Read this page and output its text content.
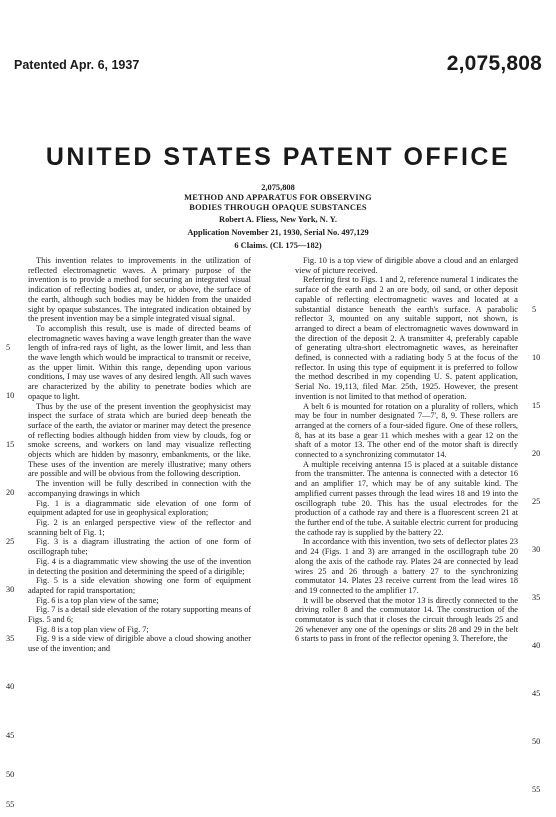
Patented Apr. 6, 1937	2,075,808
UNITED STATES PATENT OFFICE
2,075,808
METHOD AND APPARATUS FOR OBSERVING
BODIES THROUGH OPAQUE SUBSTANCES
Robert A. Fliess, New York, N. Y.
Application November 21, 1930, Serial No. 497,129
6 Claims. (Cl. 175—182)

This invention relates to improvements in the utilization of reflected electromagnetic waves. A primary purpose of the invention is to provide a method for securing an integrated visual indication of reflecting bodies at, under, or above, the surface of the earth, although such bodies may be hidden from the unaided sight by opaque substances. The integrated indication obtained by the present invention may be a simple integrated visual signal.

To accomplish this result, use is made of directed beams of electromagnetic waves having a wave length greater than the wave length of infra-red rays of light, as the lower limit, and less than the wave length which would be impractical to transmit or receive, as the upper limit. Within this range, depending upon various conditions, I may use waves of any desired length. All such waves are characterized by the ability to penetrate bodies which are opaque to light.

Thus by the use of the present invention the geophysicist may inspect the surface of strata which are buried deep beneath the surface of the earth, the aviator or mariner may detect the presence of reflecting bodies although hidden from view by clouds, fog or smoke screens, and workers on land may visualize reflecting objects which are hidden by masonry, embankments, or the like. These uses of the invention are merely illustrative; many others are possible and will be obvious from the following description.

The invention will be fully described in connection with the accompanying drawings in which

Fig. 1 is a diagrammatic side elevation of one form of equipment adapted for use in geophysical exploration;

Fig. 2 is an enlarged perspective view of the reflector and scanning belt of Fig. 1;

Fig. 3 is a diagram illustrating the action of one form of oscillograph tube;

Fig. 4 is a diagrammatic view showing the use of the invention in detecting the position and determining the speed of a dirigible;

Fig. 5 is a side elevation showing one form of equipment adapted for rapid transportation;

Fig. 6 is a top plan view of the same;

Fig. 7 is a detail side elevation of the rotary supporting means of Figs. 5 and 6;

Fig. 8 is a top plan view of Fig. 7;

Fig. 9 is a side view of dirigible above a cloud showing another use of the invention; and

Fig. 10 is a top view of dirigible above a cloud and an enlarged view of picture received.

Referring first to Figs. 1 and 2, reference numeral 1 indicates the surface of the earth and 2 an ore body, oil sand, or other deposit capable of reflecting electromagnetic waves and located at a substantial distance beneath the earth's surface. A parabolic reflector 3, mounted on any suitable support, not shown, is arranged to direct a beam of electromagnetic waves downward in the direction of the deposit 2. A transmitter 4, preferably capable of generating ultra-short electromagnetic waves, as hereinafter defined, is connected with a radiating body 5 at the focus of the reflector. In using this type of equipment it is preferred to follow the method described in my copending U. S. patent application, Serial No. 19,113, filed Mar. 25th, 1925. However, the present invention is not limited to that method of operation.

A belt 6 is mounted for rotation on a plurality of rollers, which may be four in number designated 7—7', 8, 9. These rollers are arranged at the corners of a four-sided figure. One of these rollers, 8, has at its base a gear 11 which meshes with a gear 12 on the shaft of a motor 13. The other end of the motor shaft is directly connected to a synchronizing commutator 14.

A multiple receiving antenna 15 is placed at a suitable distance from the transmitter. The antenna is connected with a detector 16 and an amplifier 17, which may be of any suitable kind. The amplified current passes through the lead wires 18 and 19 into the oscillograph tube 20. This has the usual electrodes for the production of a cathode ray and there is a fluorescent screen 21 at the further end of the tube. A suitable electric current for producing the cathode ray is supplied by the battery 22.

In accordance with this invention, two sets of deflector plates 23 and 24 (Figs. 1 and 3) are arranged in the oscillograph tube 20 along the axis of the cathode ray. Plates 24 are connected by lead wires 25 and 26 through a battery 27 to the synchronizing commutator 14. Plates 23 receive current from the lead wires 18 and 19 connected to the amplifier 17.

It will be observed that the motor 13 is directly connected to the driving roller 8 and the commutator 14. The construction of the commutator is such that it closes the circuit through leads 25 and 26 whenever any one of the openings or slits 28 and 29 in the belt 6 starts to pass in front of the reflector opening 3. Therefore, the

5
10
15
20
25
30
35
40
45
50
55
5
10
15
20
25
30
35
40
45
50
55
